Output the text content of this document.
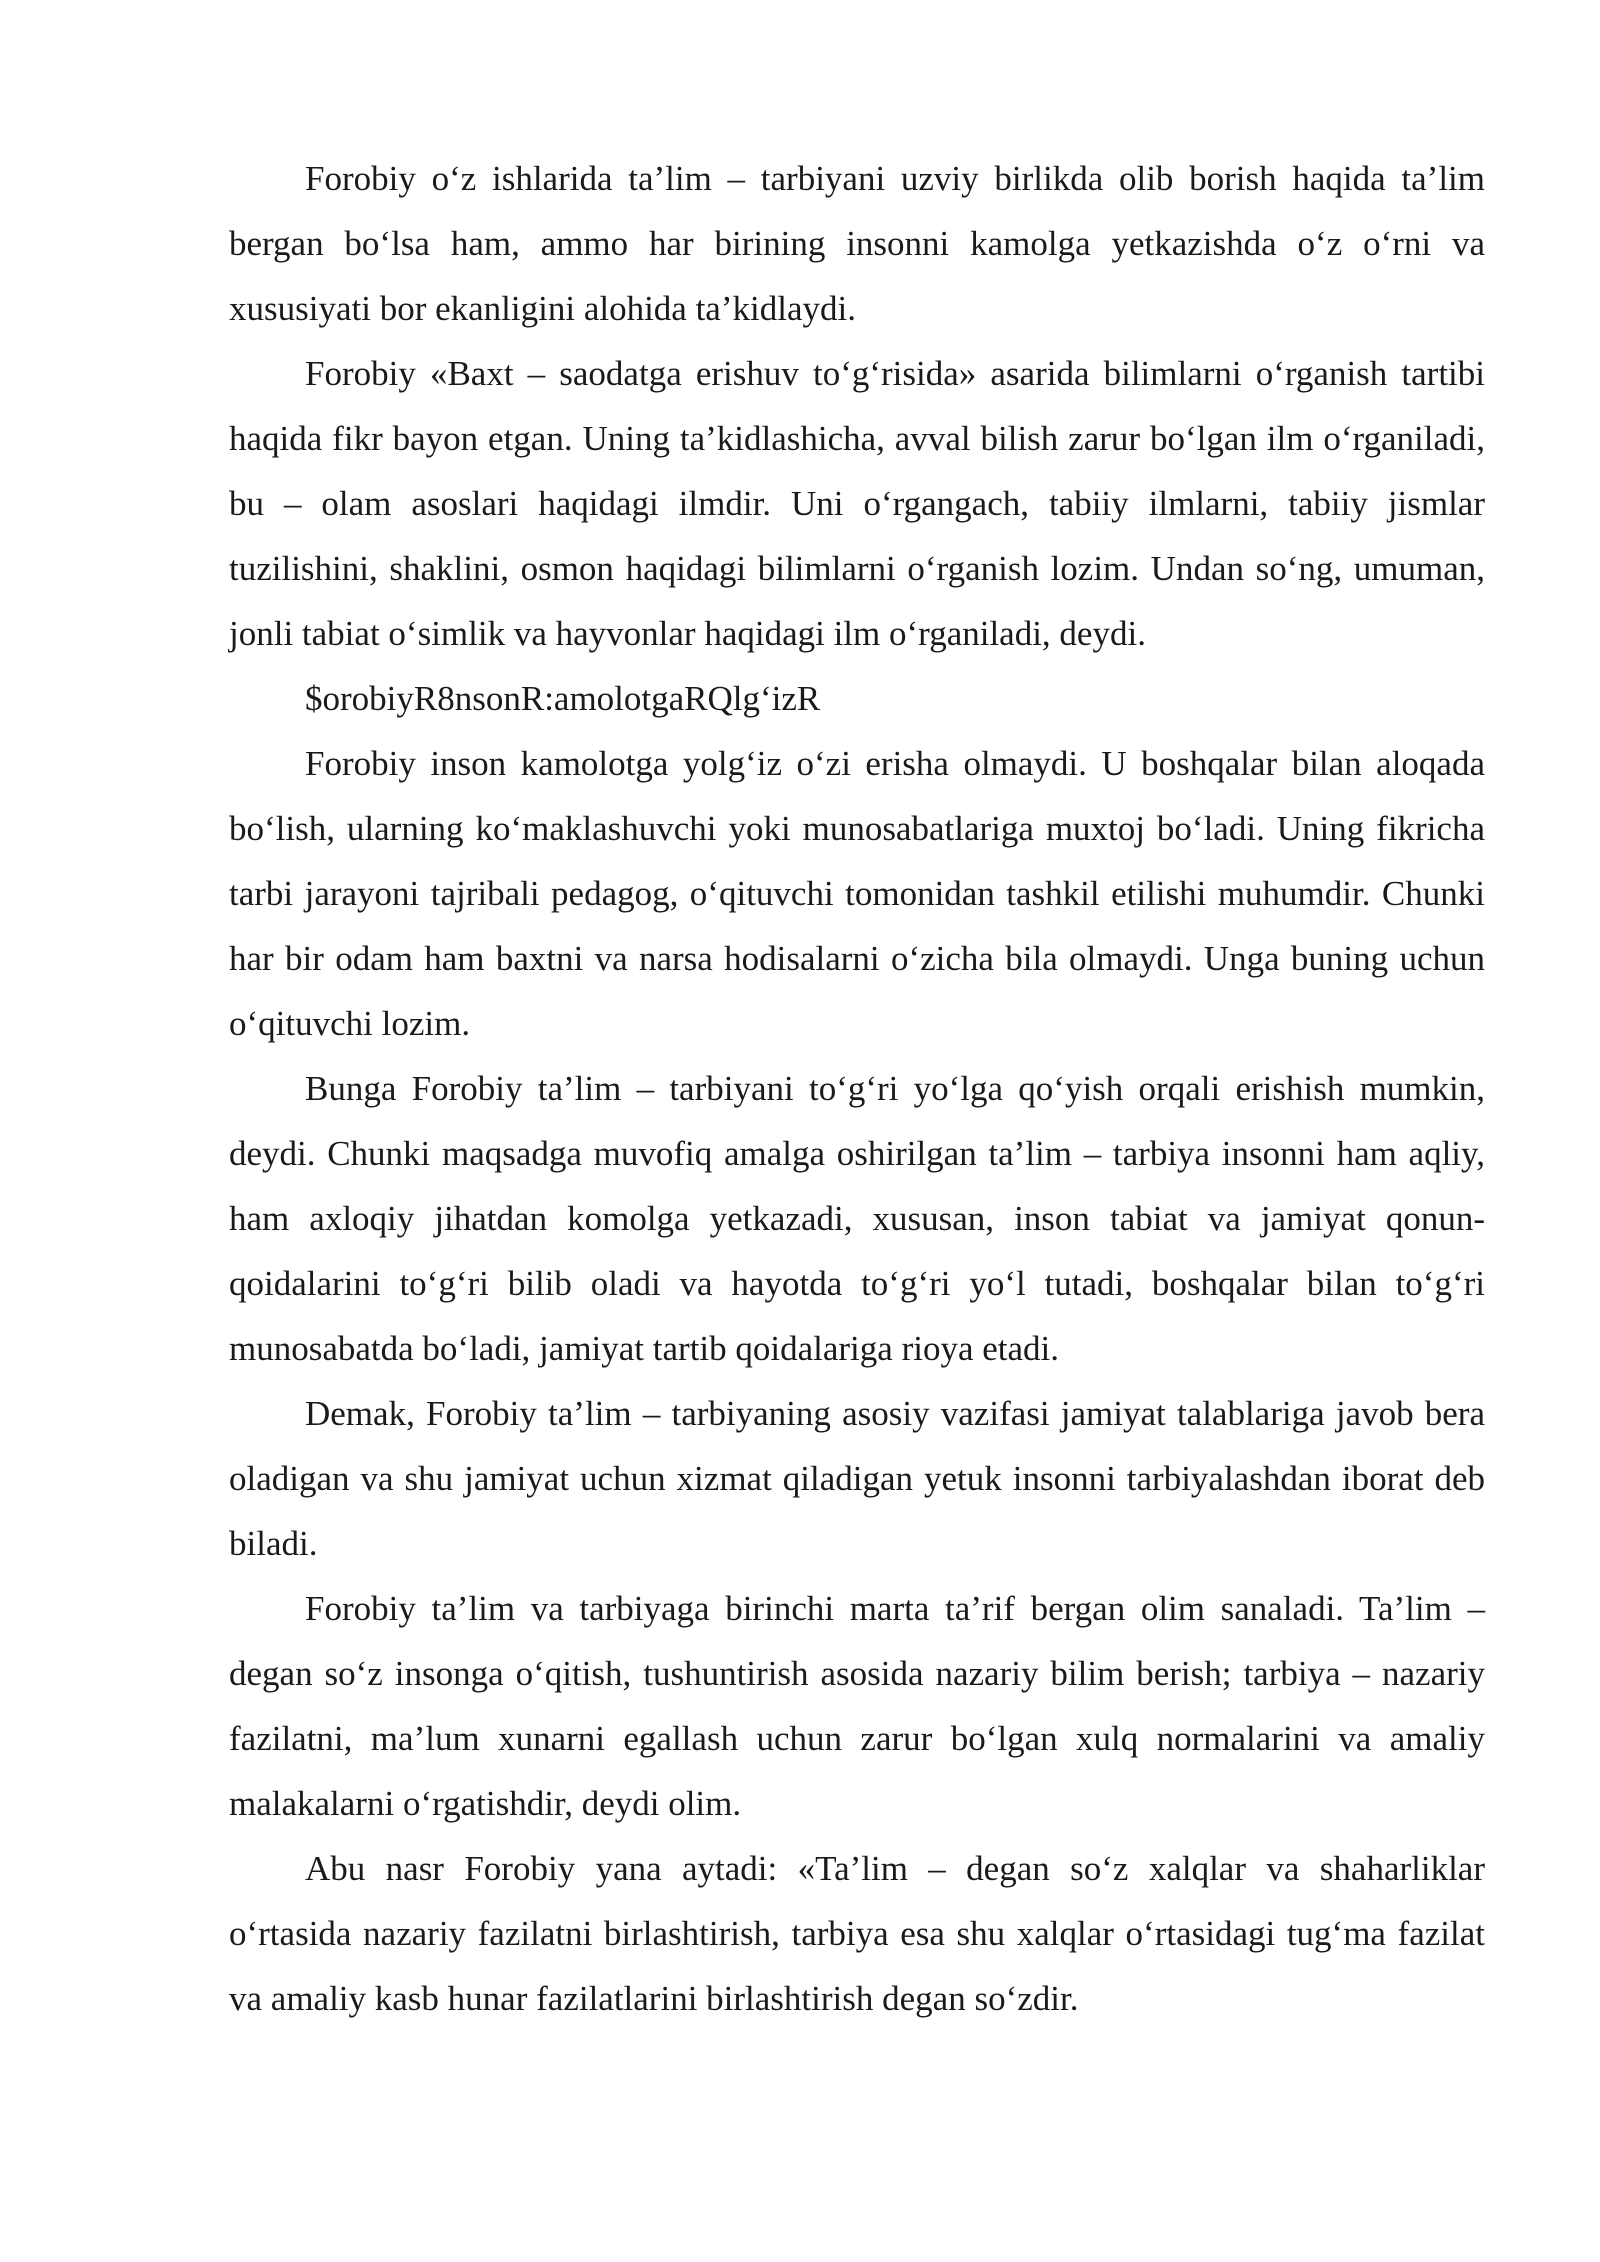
Forobiy o‘z ishlarida ta’lim – tarbiyani uzviy birlikda olib borish haqida ta’lim bergan bo‘lsa ham, ammo har birining insonni kamolga yetkazishda o‘z o‘rni va xususiyati bor ekanligini alohida ta’kidlaydi.

Forobiy «Baxt – saodatga erishuv to‘g‘risida» asarida bilimlarni o‘rganish tartibi haqida fikr bayon etgan. Uning ta’kidlashicha, avval bilish zarur bo‘lgan ilm o‘rganiladi, bu – olam asoslari haqidagi ilmdir. Uni o‘rgangach, tabiiy ilmlarni, tabiiy jismlar tuzilishini, shaklini, osmon haqidagi bilimlarni o‘rganish lozim. Undan so‘ng, umuman, jonli tabiat o‘simlik va hayvonlar haqidagi ilm o‘rganiladi, deydi.

$orobiyR8nsonR:amolotgaRQlg‘izR

Forobiy inson kamolotga yolg‘iz o‘zi erisha olmaydi. U boshqalar bilan aloqada bo‘lish, ularning ko‘maklashuvchi yoki munosabatlariga muxtoj bo‘ladi. Uning fikricha tarbi jarayoni tajribali pedagog, o‘qituvchi tomonidan tashkil etilishi muhumdir. Chunki har bir odam ham baxtni va narsa hodisalarni o‘zicha bila olmaydi. Unga buning uchun o‘qituvchi lozim.

Bunga Forobiy ta’lim – tarbiyani to‘g‘ri yo‘lga qo‘yish orqali erishish mumkin, deydi. Chunki maqsadga muvofiq amalga oshirilgan ta’lim – tarbiya insonni ham aqliy, ham axloqiy jihatdan komolga yetkazadi, xususan, inson tabiat va jamiyat qonun-qoidalarini to‘g‘ri bilib oladi va hayotda to‘g‘ri yo‘l tutadi, boshqalar bilan to‘g‘ri munosabatda bo‘ladi, jamiyat tartib qoidalariga rioya etadi.

Demak, Forobiy ta’lim – tarbiyaning asosiy vazifasi jamiyat talablariga javob bera oladigan va shu jamiyat uchun xizmat qiladigan yetuk insonni tarbiyalashdan iborat deb biladi.

Forobiy ta’lim va tarbiyaga birinchi marta ta’rif bergan olim sanaladi. Ta’lim – degan so‘z insonga o‘qitish, tushuntirish asosida nazariy bilim berish; tarbiya – nazariy fazilatni, ma’lum xunarni egallash uchun zarur bo‘lgan xulq normalarini va amaliy malakalarni o‘rgatishdir, deydi olim.

Abu nasr Forobiy yana aytadi: «Ta’lim – degan so‘z xalqlar va shaharliklar o‘rtasida nazariy fazilatni birlashtirish, tarbiya esa shu xalqlar o‘rtasidagi tug‘ma fazilat va amaliy kasb hunar fazilatlarini birlashtirish degan so‘zdir.
